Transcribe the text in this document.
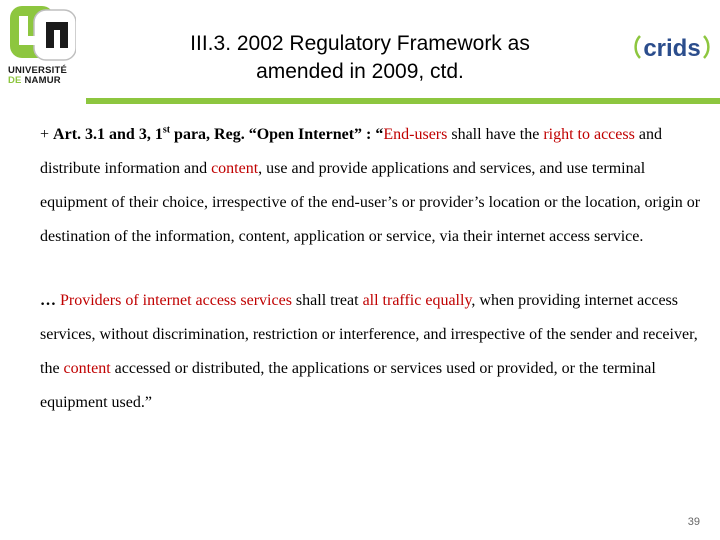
UNIVERSITÉ
DE NAMUR
III.3. 2002 Regulatory Framework as
amended in 2009, ctd.
crids

+ Art. 3.1 and 3, 1st para, Reg. “Open Internet” : “End-users shall have the right to access and distribute information and content, use and provide applications and services, and use terminal equipment of their choice, irrespective of the end-user’s or provider’s location or the location, origin or destination of the information, content, application or service, via their internet access service.

… Providers of internet access services shall treat all traffic equally, when providing internet access services, without discrimination, restriction or interference, and irrespective of the sender and receiver, the content accessed or distributed, the applications or services used or provided, or the terminal equipment used.”

39
